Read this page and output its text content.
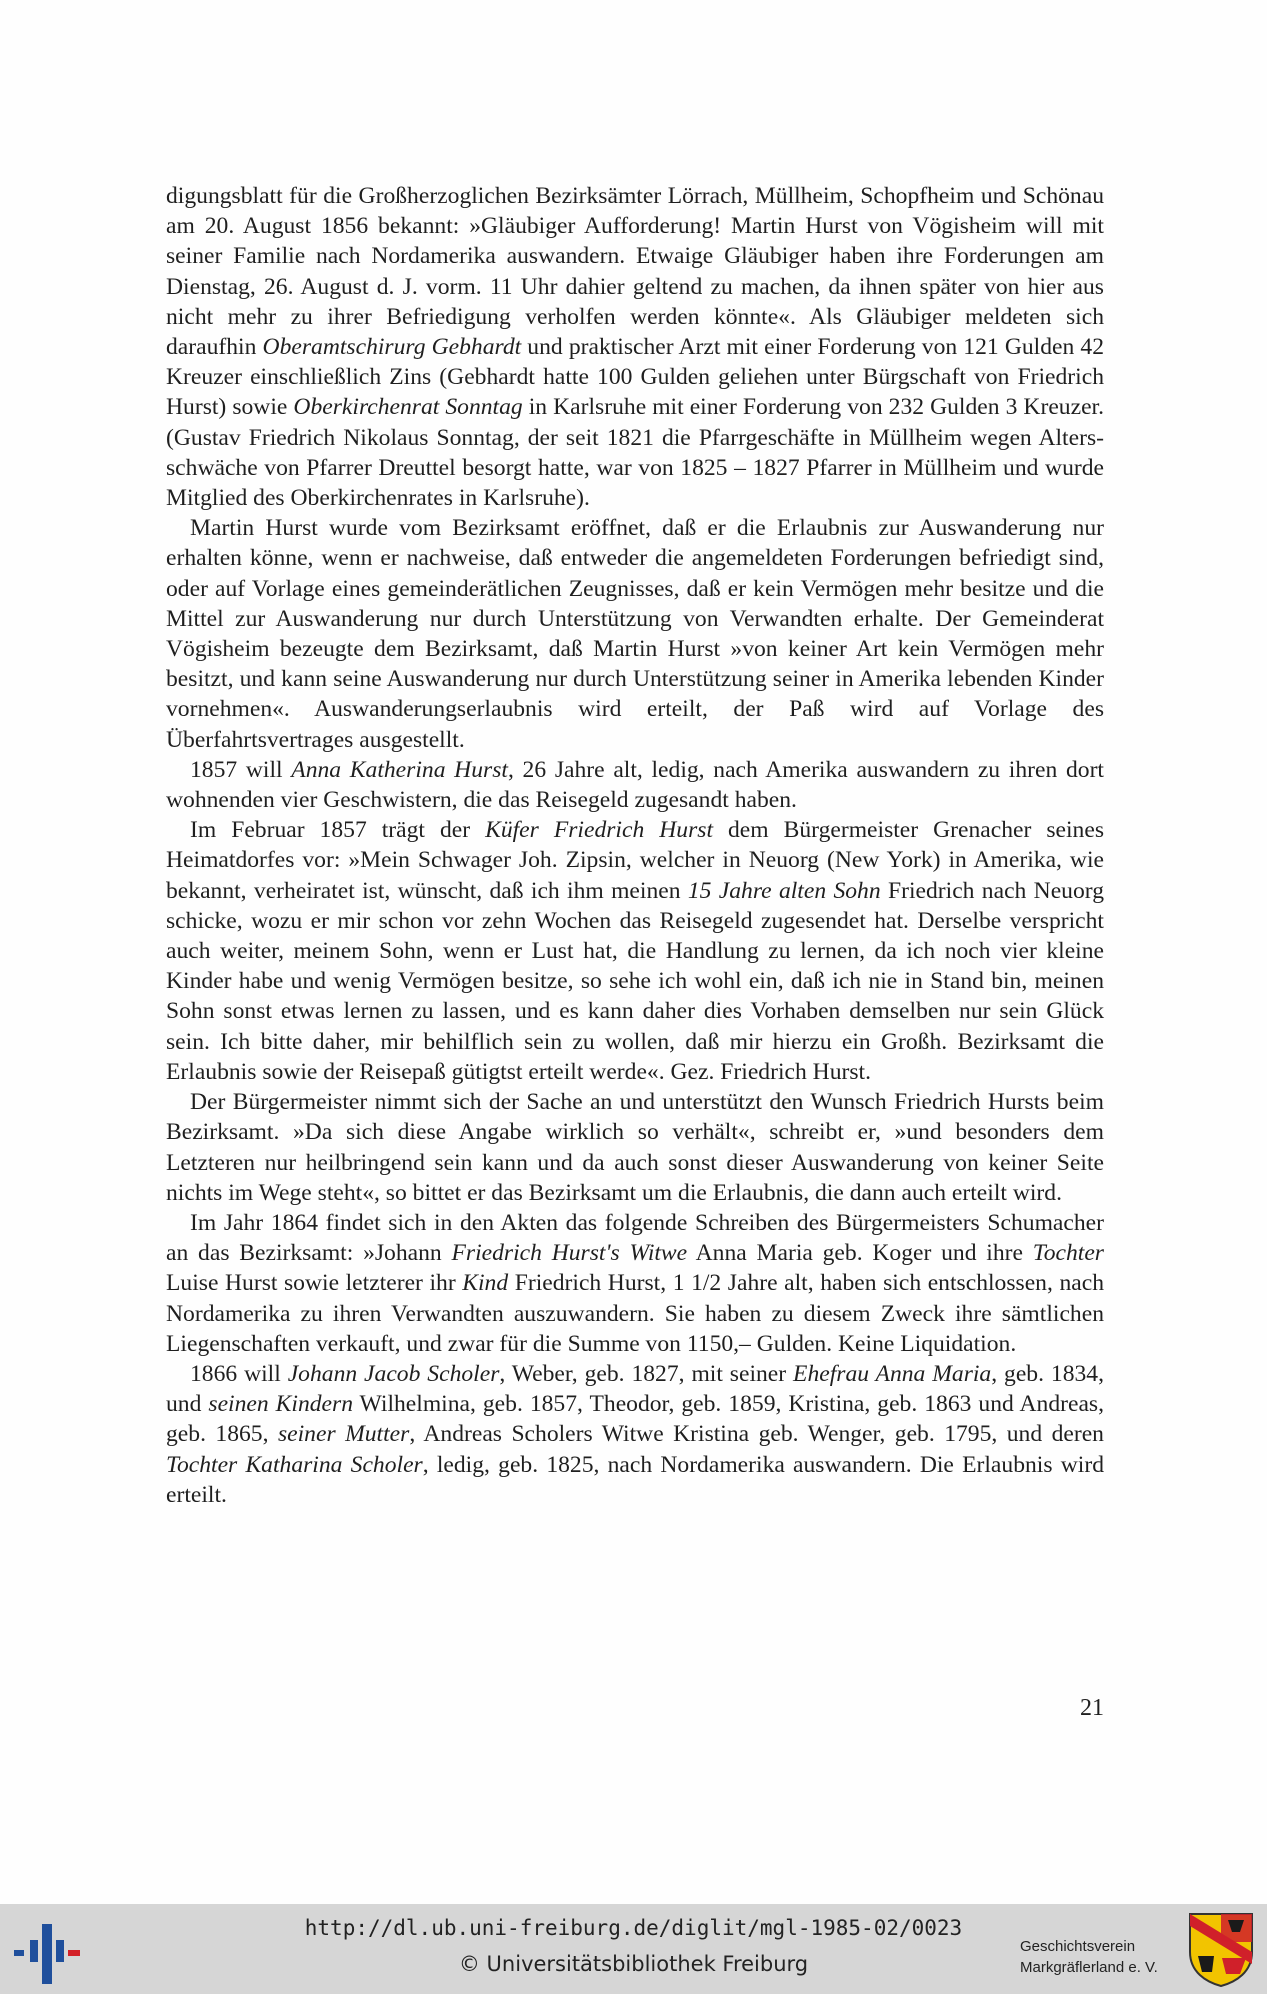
digungsblatt für die Großherzoglichen Bezirksämter Lörrach, Müllheim, Schopfheim und Schönau am 20. August 1856 bekannt: »Gläubiger Aufforderung! Martin Hurst von Vögisheim will mit seiner Familie nach Nordamerika auswandern. Etwaige Gläubiger haben ihre Forderungen am Dienstag, 26. August d. J. vorm. 11 Uhr dahier geltend zu machen, da ihnen später von hier aus nicht mehr zu ihrer Befriedigung verholfen werden könnte«. Als Gläubiger meldeten sich daraufhin Oberamtschirurg Gebhardt und praktischer Arzt mit einer Forderung von 121 Gulden 42 Kreuzer einschließlich Zins (Gebhardt hatte 100 Gulden geliehen unter Bürgschaft von Friedrich Hurst) sowie Oberkirchenrat Sonntag in Karlsruhe mit einer Forderung von 232 Gulden 3 Kreuzer. (Gustav Friedrich Nikolaus Sonntag, der seit 1821 die Pfarrgeschäfte in Müllheim wegen Altersschwäche von Pfarrer Dreuttel besorgt hatte, war von 1825 – 1827 Pfarrer in Müllheim und wurde Mitglied des Oberkirchenrates in Karlsruhe).

Martin Hurst wurde vom Bezirksamt eröffnet, daß er die Erlaubnis zur Auswanderung nur erhalten könne, wenn er nachweise, daß entweder die angemeldeten Forderungen befriedigt sind, oder auf Vorlage eines gemeinderätlichen Zeugnisses, daß er kein Vermögen mehr besitze und die Mittel zur Auswanderung nur durch Unterstützung von Verwandten erhalte. Der Gemeinderat Vögisheim bezeugte dem Bezirksamt, daß Martin Hurst »von keiner Art kein Vermögen mehr besitzt, und kann seine Auswanderung nur durch Unterstützung seiner in Amerika lebenden Kinder vornehmen«. Auswanderungserlaubnis wird erteilt, der Paß wird auf Vorlage des Überfahrtsvertrages ausgestellt.

1857 will Anna Katherina Hurst, 26 Jahre alt, ledig, nach Amerika auswandern zu ihren dort wohnenden vier Geschwistern, die das Reisegeld zugesandt haben.

Im Februar 1857 trägt der Küfer Friedrich Hurst dem Bürgermeister Grenacher seines Heimatdorfes vor: »Mein Schwager Joh. Zipsin, welcher in Neuorg (New York) in Amerika, wie bekannt, verheiratet ist, wünscht, daß ich ihm meinen 15 Jahre alten Sohn Friedrich nach Neuorg schicke, wozu er mir schon vor zehn Wochen das Reisegeld zugesendet hat. Derselbe verspricht auch weiter, meinem Sohn, wenn er Lust hat, die Handlung zu lernen, da ich noch vier kleine Kinder habe und wenig Vermögen besitze, so sehe ich wohl ein, daß ich nie in Stand bin, meinen Sohn sonst etwas lernen zu lassen, und es kann daher dies Vorhaben demselben nur sein Glück sein. Ich bitte daher, mir behilflich sein zu wollen, daß mir hierzu ein Großh. Bezirksamt die Erlaubnis sowie der Reisepaß gütigtst erteilt werde«. Gez. Friedrich Hurst.

Der Bürgermeister nimmt sich der Sache an und unterstützt den Wunsch Friedrich Hursts beim Bezirksamt. »Da sich diese Angabe wirklich so verhält«, schreibt er, »und besonders dem Letzteren nur heilbringend sein kann und da auch sonst dieser Auswanderung von keiner Seite nichts im Wege steht«, so bittet er das Bezirksamt um die Erlaubnis, die dann auch erteilt wird.

Im Jahr 1864 findet sich in den Akten das folgende Schreiben des Bürgermeisters Schumacher an das Bezirksamt: »Johann Friedrich Hurst's Witwe Anna Maria geb. Koger und ihre Tochter Luise Hurst sowie letzterer ihr Kind Friedrich Hurst, 1 1/2 Jahre alt, haben sich entschlossen, nach Nordamerika zu ihren Verwandten auszuwandern. Sie haben zu diesem Zweck ihre sämtlichen Liegenschaften verkauft, und zwar für die Summe von 1150,– Gulden. Keine Liquidation.

1866 will Johann Jacob Scholer, Weber, geb. 1827, mit seiner Ehefrau Anna Maria, geb. 1834, und seinen Kindern Wilhelmina, geb. 1857, Theodor, geb. 1859, Kristina, geb. 1863 und Andreas, geb. 1865, seiner Mutter, Andreas Scholers Witwe Kristina geb. Wenger, geb. 1795, und deren Tochter Katharina Scholer, ledig, geb. 1825, nach Nordamerika auswandern. Die Erlaubnis wird erteilt.

21
http://dl.ub.uni-freiburg.de/diglit/mgl-1985-02/0023
© Universitätsbibliothek Freiburg
Geschichtsverein
Markgräflerland e. V.
